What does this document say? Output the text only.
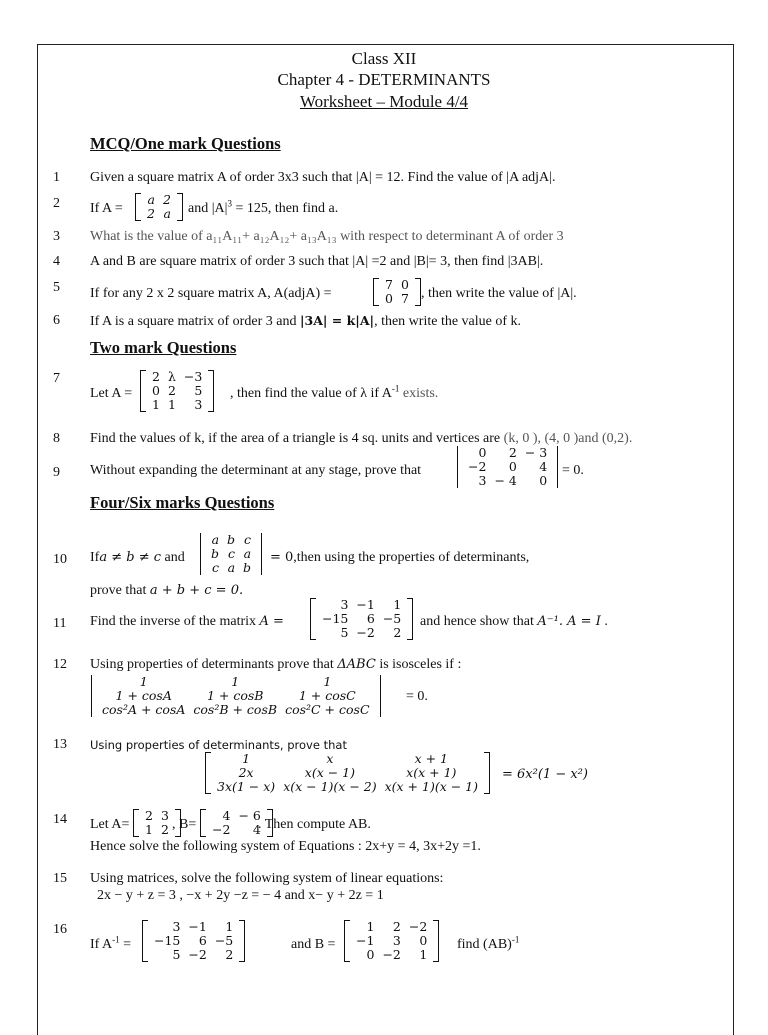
Class XII
Chapter 4 - DETERMINANTS
Worksheet – Module 4/4
MCQ/One mark Questions
1 Given a square matrix A of order 3x3 such that |A| = 12. Find the value of |A adjA|.
2 If A =
a	2
2	a and $|A|^3 = 125$, then find a.
3 What is the value of a₁₁A₁₁+ a₁₂A₁₂+ a₁₃A₁₃ with respect to determinant A of order 3
4 A and B are square matrix of order 3 such that |A| =2 and |B|= 3, then find |3AB|.
5 If for any 2 x 2 square matrix A, A(adjA) =
7	0
0	7 , then write the value of |A|.
6 If A is a square matrix of order 3 and |3A| = k|A|, then write the value of k.
Two mark Questions
7
Let A =
2	λ	−3
0	2	5
1	1	3
, then find the value of λ if $A^{-1}$ exists.
8 Find the values of k, if the area of a triangle is 4 sq. units and vertices are (k, 0 ), (4, 0 )and (0,2).
9 Without expanding the determinant at any stage, prove that
0	2	− 3
−2	0	4
3	− 4	0
= 0.
Four/Six marks Questions
10 Ifa ≠ b ≠ c and
a	b	c
b	c	a
c	a	b
= 0,then using the properties of determinants,
prove that a + b + c = 0.
11 Find the inverse of the matrix A =
3	−1	1
−15	6	−5
5	−2	2
and hence show that A⁻¹. A = I .
12 Using properties of determinants prove that ΔABC is isosceles if :
1	1	1
1 + cosA	1 + cosB	1 + cosC
cos²A + cosA	cos²B + cosB	cos²C + cosC
= 0.
13 Using properties of determinants, prove that
1	x	x + 1
2x	x(x − 1)	x(x + 1)
3x(1 − x)	x(x − 1)(x − 2)	x(x + 1)(x − 1)
= 6x²(1 − x²)
14 Let A=
2	3
1	2 , B=
4	− 6
−2	4
. Then compute AB.
Hence solve the following system of Equations : 2x+y = 4, 3x+2y =1.
15 Using matrices, solve the following system of linear equations:
2x − y + z = 3 , −x + 2y −z = − 4 and x− y + 2z = 1
16
If $A^{-1}$ =
3	−1	1
−15	6	−5
5	−2	2
and B =
1	2	−2
−1	3	0
0	−2	1
find (AB)$^{-1}$
